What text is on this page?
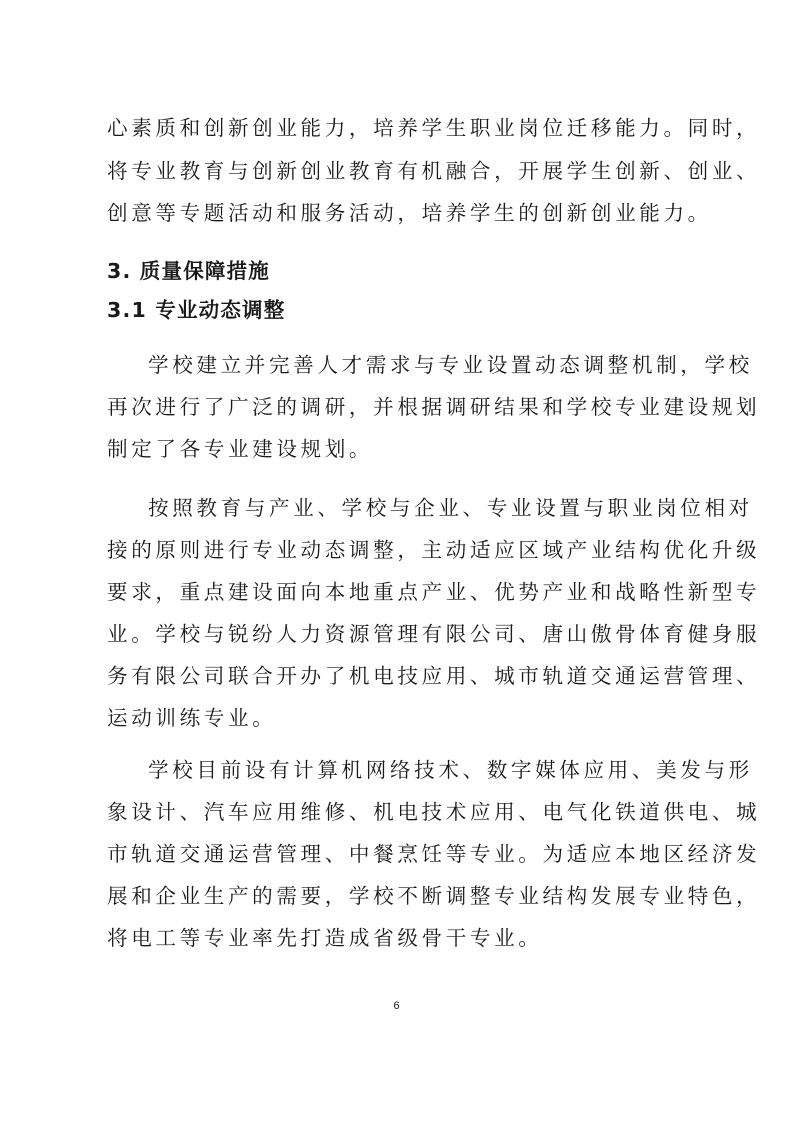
心素质和创新创业能力，培养学生职业岗位迁移能力。同时，
将专业教育与创新创业教育有机融合，开展学生创新、创业、
创意等专题活动和服务活动，培养学生的创新创业能力。
3. 质量保障措施
3.1 专业动态调整
学校建立并完善人才需求与专业设置动态调整机制，学校
再次进行了广泛的调研，并根据调研结果和学校专业建设规划
制定了各专业建设规划。
按照教育与产业、学校与企业、专业设置与职业岗位相对
接的原则进行专业动态调整，主动适应区域产业结构优化升级
要求，重点建设面向本地重点产业、优势产业和战略性新型专
业。学校与锐纷人力资源管理有限公司、唐山傲骨体育健身服
务有限公司联合开办了机电技应用、城市轨道交通运营管理、
运动训练专业。
学校目前设有计算机网络技术、数字媒体应用、美发与形
象设计、汽车应用维修、机电技术应用、电气化铁道供电、城
市轨道交通运营管理、中餐烹饪等专业。为适应本地区经济发
展和企业生产的需要，学校不断调整专业结构发展专业特色，
将电工等专业率先打造成省级骨干专业。
6
